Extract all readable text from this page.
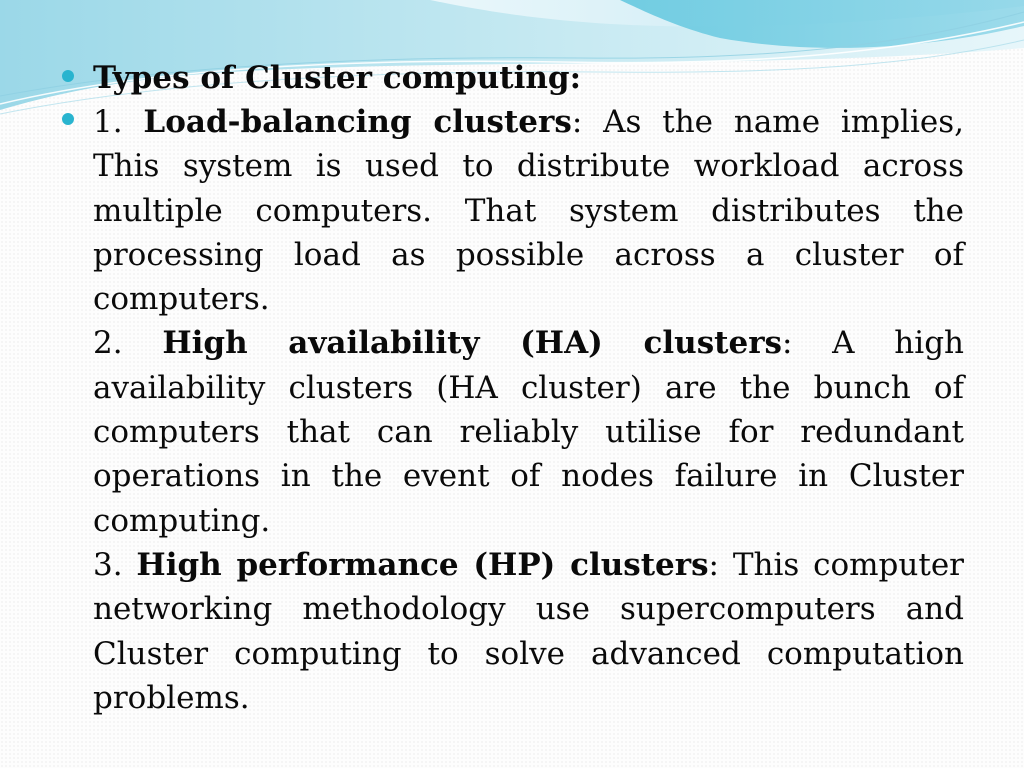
Types of Cluster computing:
1. Load-balancing clusters: As the name implies, This system is used to distribute workload across multiple computers. That system distributes the processing load as possible across a cluster of computers.
2. High availability (HA) clusters: A high availability clusters (HA cluster) are the bunch of computers that can reliably utilise for redundant operations in the event of nodes failure in Cluster computing.
3. High performance (HP) clusters: This computer networking methodology use supercomputers and Cluster computing to solve advanced computation problems.
